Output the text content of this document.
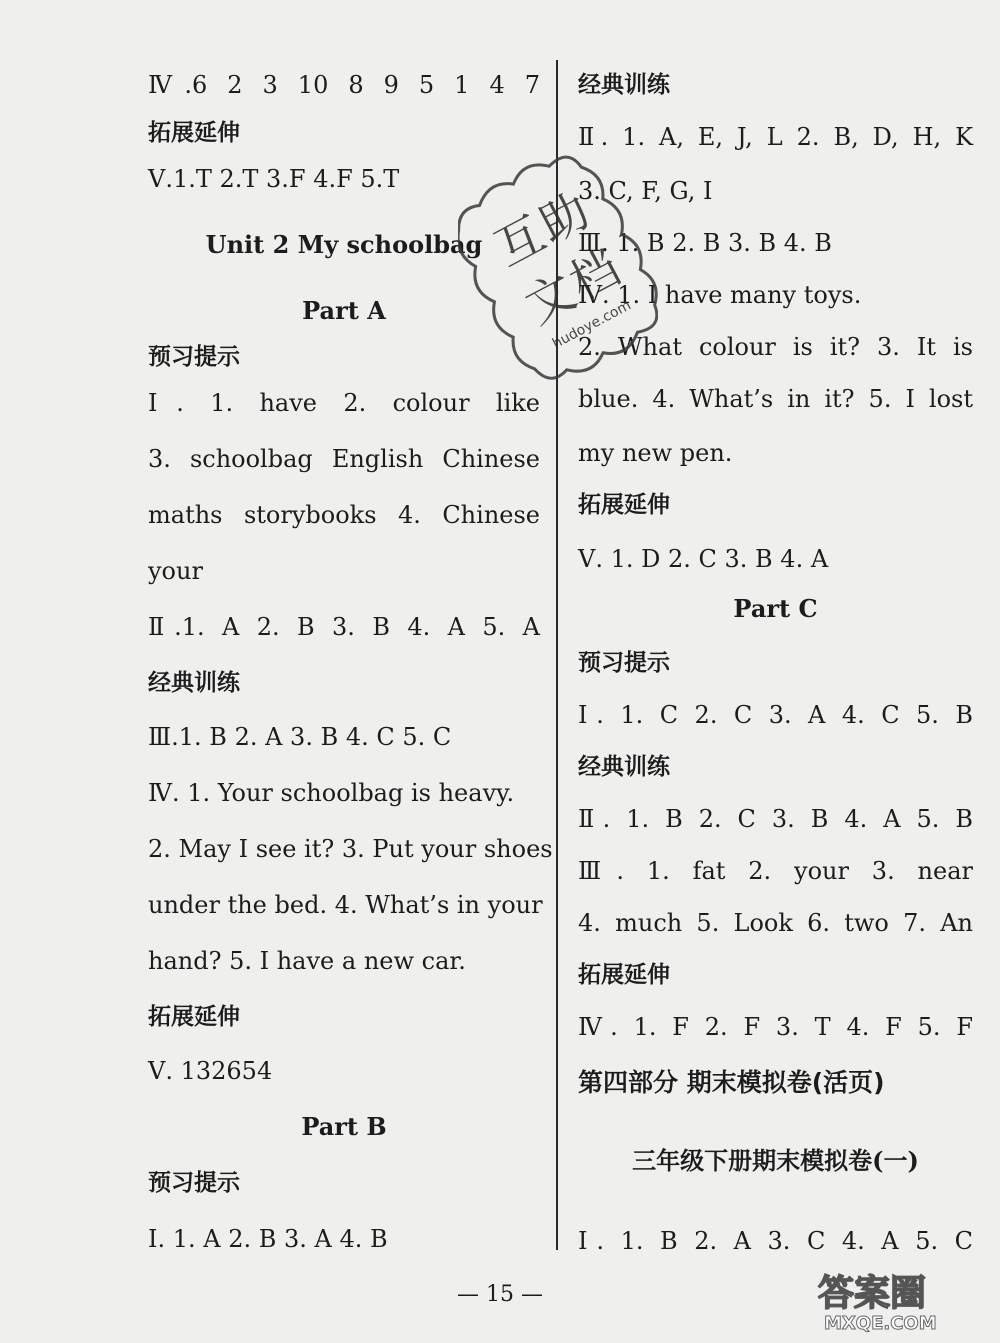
Ⅳ.6 2 3 10 8 9 5 1 4 7
拓展延伸
Ⅴ.1.T 2.T 3.F 4.F 5.T
Unit 2 My schoolbag
Part A
预习提示
Ⅰ. 1. have 2. colour like
3. schoolbag English Chinese
maths storybooks 4. Chinese
your
Ⅱ.1. A 2. B 3. B 4. A 5. A
经典训练
Ⅲ.1. B 2. A 3. B 4. C 5. C
Ⅳ. 1. Your schoolbag is heavy.
2. May I see it? 3. Put your shoes
under the bed. 4. What’s in your
hand? 5. I have a new car.
拓展延伸
Ⅴ. 132654
Part B
预习提示
Ⅰ. 1. A 2. B 3. A 4. B
经典训练
Ⅱ. 1. A, E, J, L 2. B, D, H, K
3. C, F, G, I
Ⅲ. 1. B 2. B 3. B 4. B
Ⅳ. 1. I have many toys.
2. What colour is it? 3. It is
blue. 4. What’s in it? 5. I lost
my new pen.
拓展延伸
Ⅴ. 1. D 2. C 3. B 4. A
Part C
预习提示
Ⅰ. 1. C 2. C 3. A 4. C 5. B
经典训练
Ⅱ. 1. B 2. C 3. B 4. A 5. B
Ⅲ. 1. fat 2. your 3. near
4. much 5. Look 6. two 7. An
拓展延伸
Ⅳ. 1. F 2. F 3. T 4. F 5. F
第四部分 期末模拟卷(活页)
三年级下册期末模拟卷(一)
Ⅰ. 1. B 2. A 3. C 4. A 5. C
— 15 —
互
助
文
档
hudoye.com
答案圈
MXQE.COM
